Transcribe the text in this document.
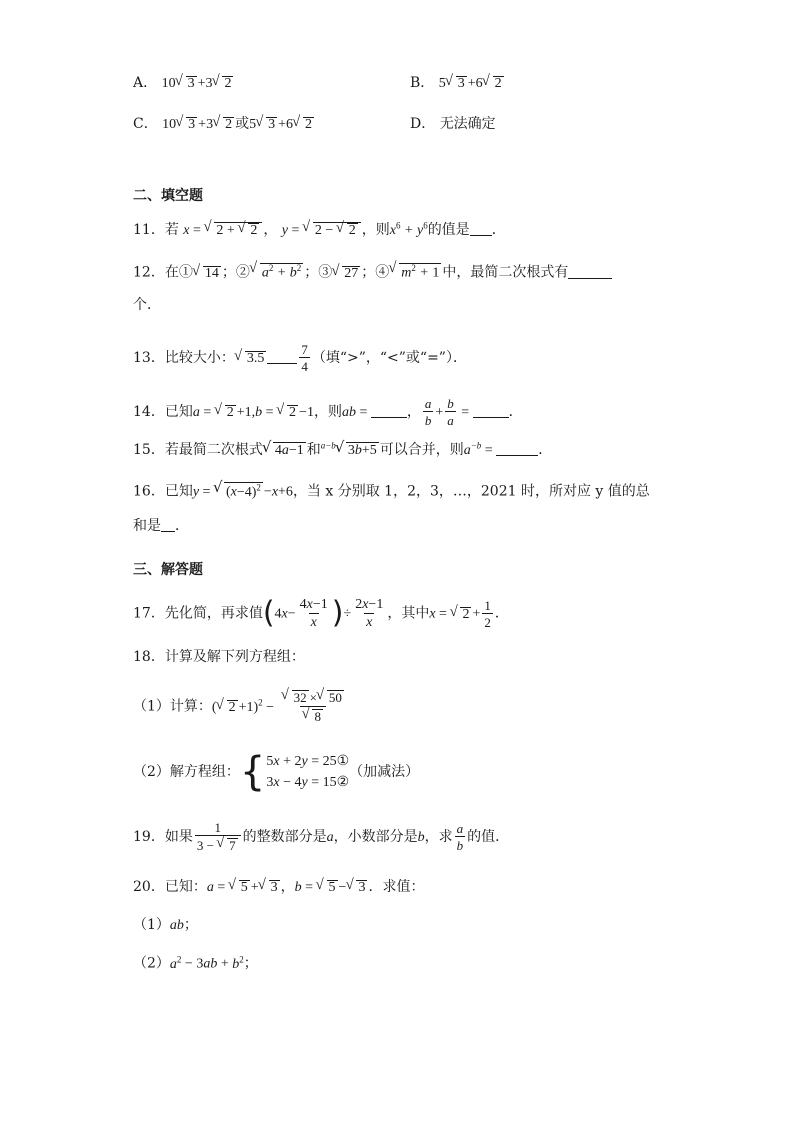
A． 10 √ 3 +3 √ 2	B． 5 √ 3 +6 √ 2
C． 10 √ 3 +3 √ 2 或5 √ 3 +6 √ 2	D． 无法确定
二、填空题
11．若 x = √ 2 + √ 2 ， y = √ 2 − √ 2 ，则$x^6 + y^6$的值是 ．
12．在① √ 14 ；② √ $a^2 + b^2$ ；③ √ 27 ；④ √ $m^2 + 1$ 中，最简二次根式有
个．
13．比较大小： √ 3.5	$\frac{7}{4}$ （填“>”，“<”或“=”）．
14．已知a = √ 2 +1,b = √ 2 −1，则ab =	， $\frac{a}{b} + \frac{b}{a}$ =	．
15．若最简二次根式 √ 4a−1 和$^{a-b}$ √ 3b+5 可以合并，则$a^{-b}$ =	．
16．已知y = √ $(x-4)^2 -x+6$，当 x 分别取 1，2，3，…，2021 时，所对应 y 值的总
和是 ．
三、解答题
17．先化简，再求值($4x- \frac{4x-1}{x}$ )÷ $\frac{2x-1}{x}$ ，其中x = √ $2 + \frac{1}{2}$ ．
18．计算及解下列方程组：
（1）计算：( √ 2 +1)$^2$ − √ 32 × √ 50
√ 8
（2）解方程组： { 5x + 2y = 25①
3x − 4y = 15②
（加减法）
19．如果 $\frac{1}{3 - √ 7}$ 的整数部分是a，小数部分是b，求 $\frac{a}{b}$ 的值．
20．已知：a = √ 5 + √ 3 ，b = √ 5 − √ 3 ．求值：
（1）ab；
$(2)a^2 - 3ab + b^2$；
